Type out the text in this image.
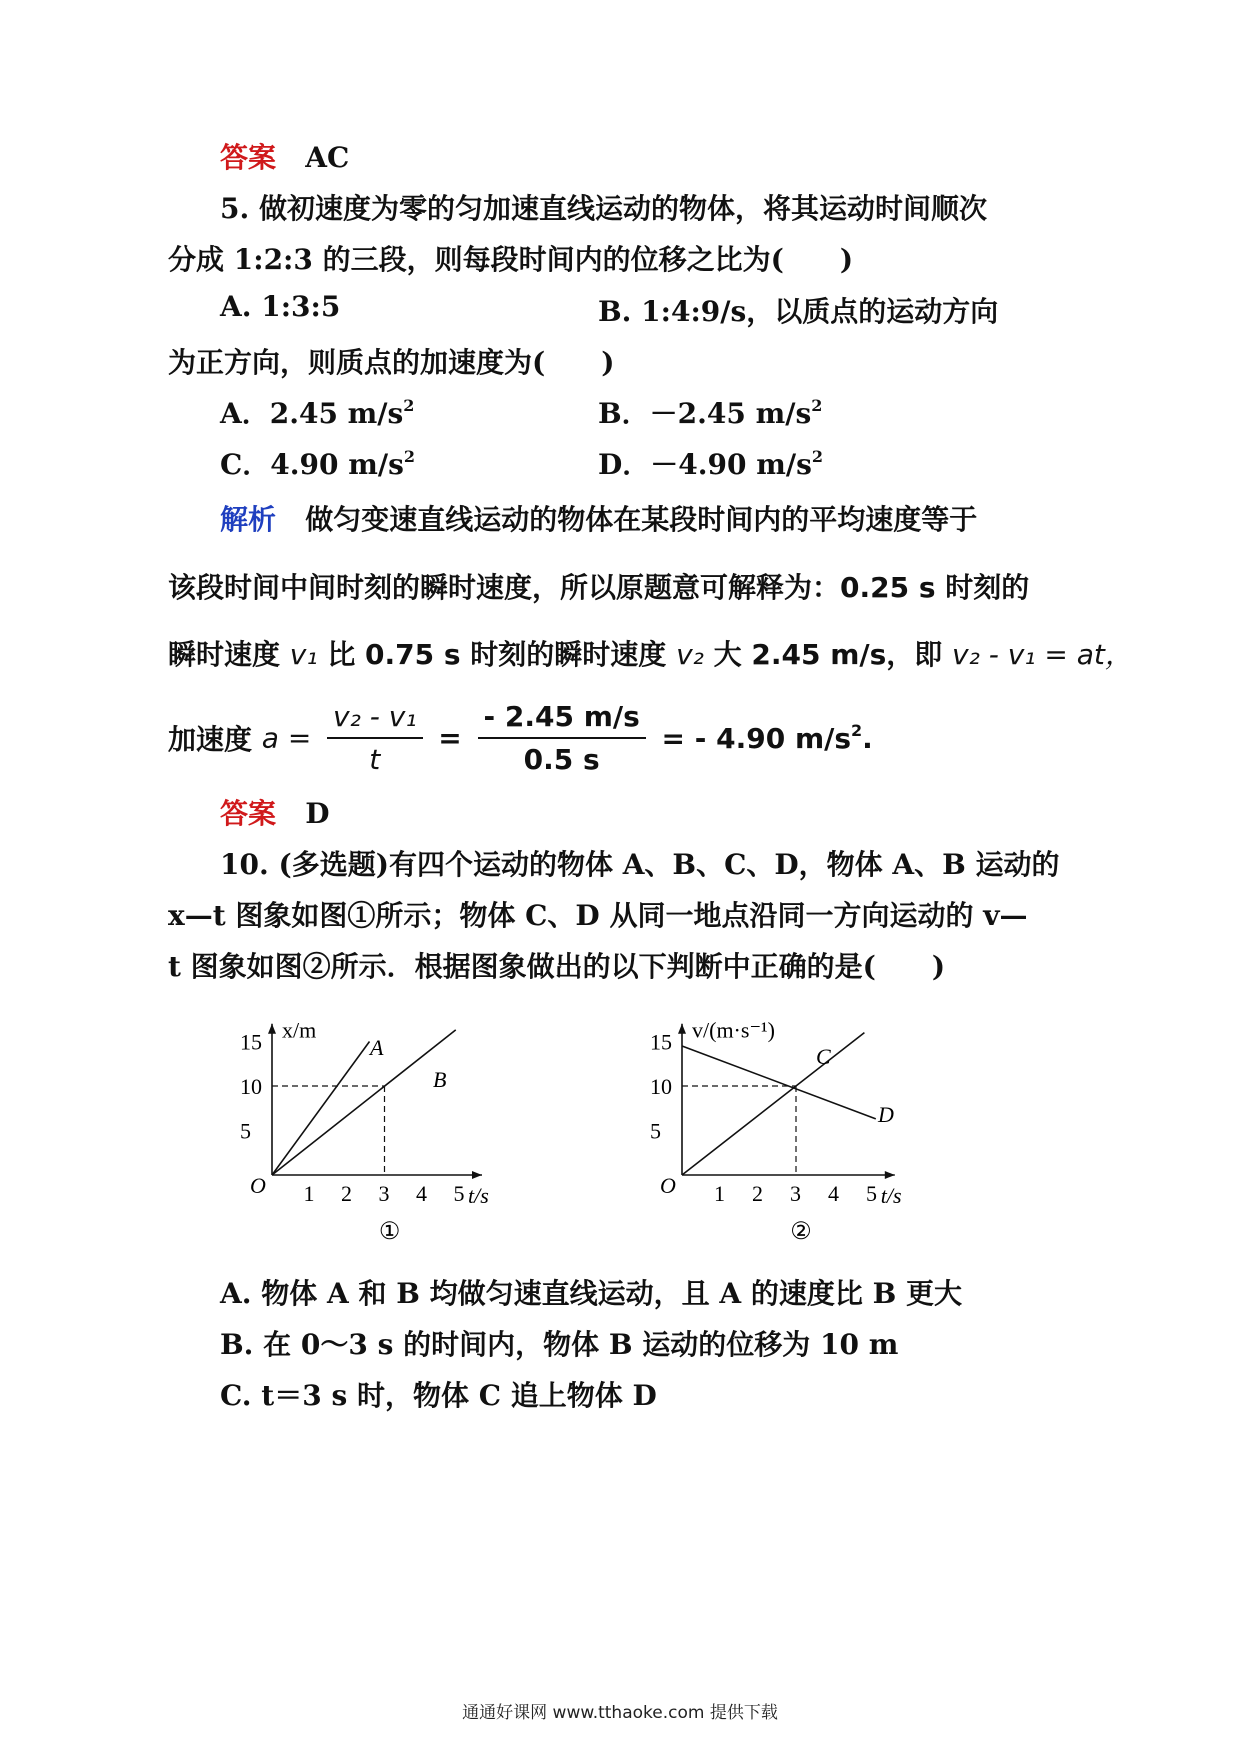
答案 AC
5. 做初速度为零的匀加速直线运动的物体，将其运动时间顺次
分成 1:2:3 的三段，则每段时间内的位移之比为(　　)
A. 1:3:5	B. 1:4:9/s，以质点的运动方向
为正方向，则质点的加速度为(　　)
A．2.45 $m/s^2$	B．－2.45 $m/s^2$
C．4.90 $m/s^2$	D．－4.90 $m/s^2$
解析 做匀变速直线运动的物体在某段时间内的平均速度等于
该段时间中间时刻的瞬时速度，所以原题意可解释为：0.25 s 时刻的
瞬时速度 v₁ 比 0.75 s 时刻的瞬时速度 v₂ 大 2.45 m/s，即 v₂ - v₁ = at，
加速度 $a = \frac{\text{v₂ - v₁}}{t} = \frac{- 2.45 m/s}{0.5 s}$ = - 4.90 $m/s^2$.
答案 D
10. (多选题)有四个运动的物体 A、B、C、D，物体 A、B 运动的
x—t 图象如图①所示；物体 C、D 从同一地点沿同一方向运动的 v—
t 图象如图②所示．根据图象做出的以下判断中正确的是(　　)
t/s
x/m
O 1 2 3 4 5
5
10
15
①
A
B
t/s
v/(m·s⁻¹)
O 1 2 3 4 5
5
10
15
②
C
D
A. 物体 A 和 B 均做匀速直线运动，且 A 的速度比 B 更大
B. 在 0～3 s 的时间内，物体 B 运动的位移为 10 m
C. t＝3 s 时，物体 C 追上物体 D
通通好课网 www.tthaoke.com 提供下载
